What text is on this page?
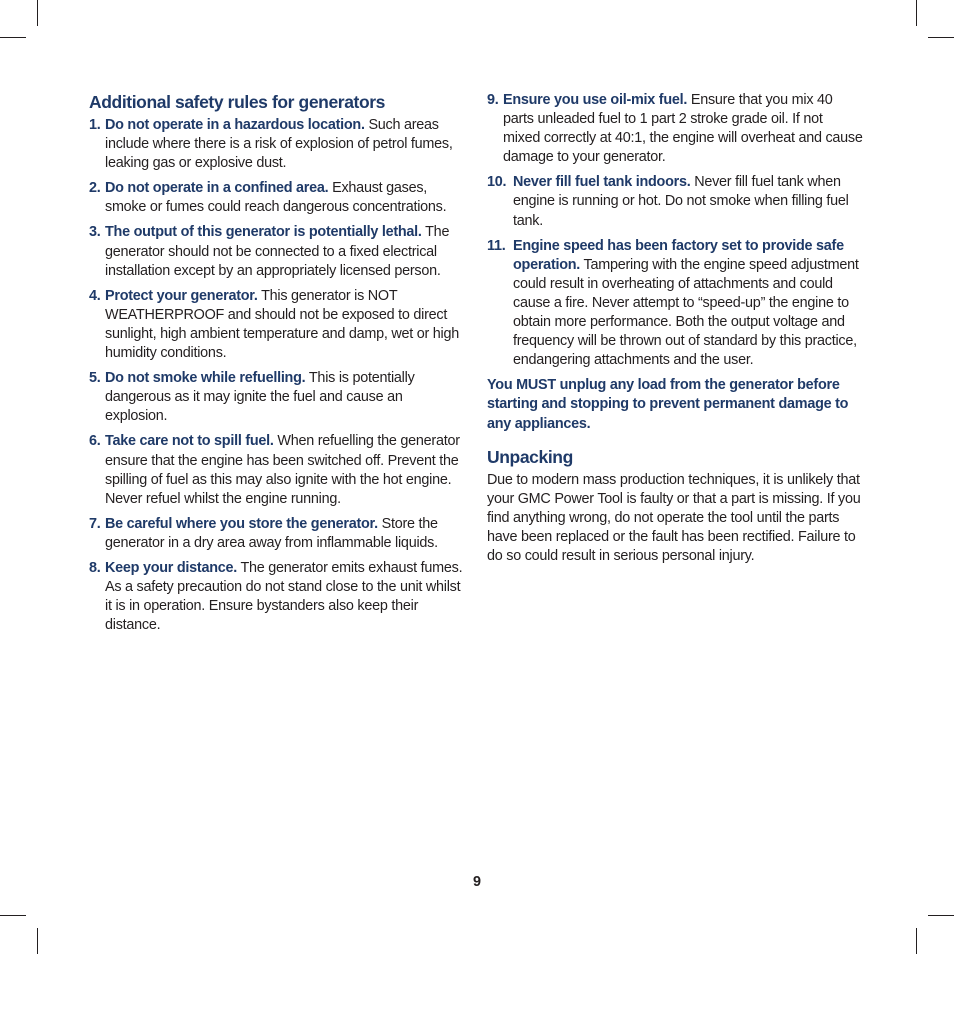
Additional safety rules for generators
1. Do not operate in a hazardous location. Such areas include where there is a risk of explosion of petrol fumes, leaking gas or explosive dust.
2. Do not operate in a confined area. Exhaust gases, smoke or fumes could reach dangerous concentrations.
3. The output of this generator is potentially lethal. The generator should not be connected to a fixed electrical installation except by an appropriately licensed person.
4. Protect your generator. This generator is NOT WEATHERPROOF and should not be exposed to direct sunlight, high ambient temperature and damp, wet or high humidity conditions.
5. Do not smoke while refuelling. This is potentially dangerous as it may ignite the fuel and cause an explosion.
6. Take care not to spill fuel. When refuelling the generator ensure that the engine has been switched off. Prevent the spilling of fuel as this may also ignite with the hot engine. Never refuel whilst the engine running.
7. Be careful where you store the generator. Store the generator in a dry area away from inflammable liquids.
8. Keep your distance. The generator emits exhaust fumes. As a safety precaution do not stand close to the unit whilst it is in operation. Ensure bystanders also keep their distance.
9. Ensure you use oil-mix fuel. Ensure that you mix 40 parts unleaded fuel to 1 part 2 stroke grade oil. If not mixed correctly at 40:1, the engine will overheat and cause damage to your generator.
10. Never fill fuel tank indoors. Never fill fuel tank when engine is running or hot. Do not smoke when filling fuel tank.
11. Engine speed has been factory set to provide safe operation. Tampering with the engine speed adjustment could result in overheating of attachments and could cause a fire. Never attempt to “speed-up” the engine to obtain more performance. Both the output voltage and frequency will be thrown out of standard by this practice, endangering attachments and the user.
You MUST unplug any load from the generator before starting and stopping to prevent permanent damage to any appliances.
Unpacking

Due to modern mass production techniques, it is unlikely that your GMC Power Tool is faulty or that a part is missing. If you find anything wrong, do not operate the tool until the parts have been replaced or the fault has been rectified. Failure to do so could result in serious personal injury.

9
